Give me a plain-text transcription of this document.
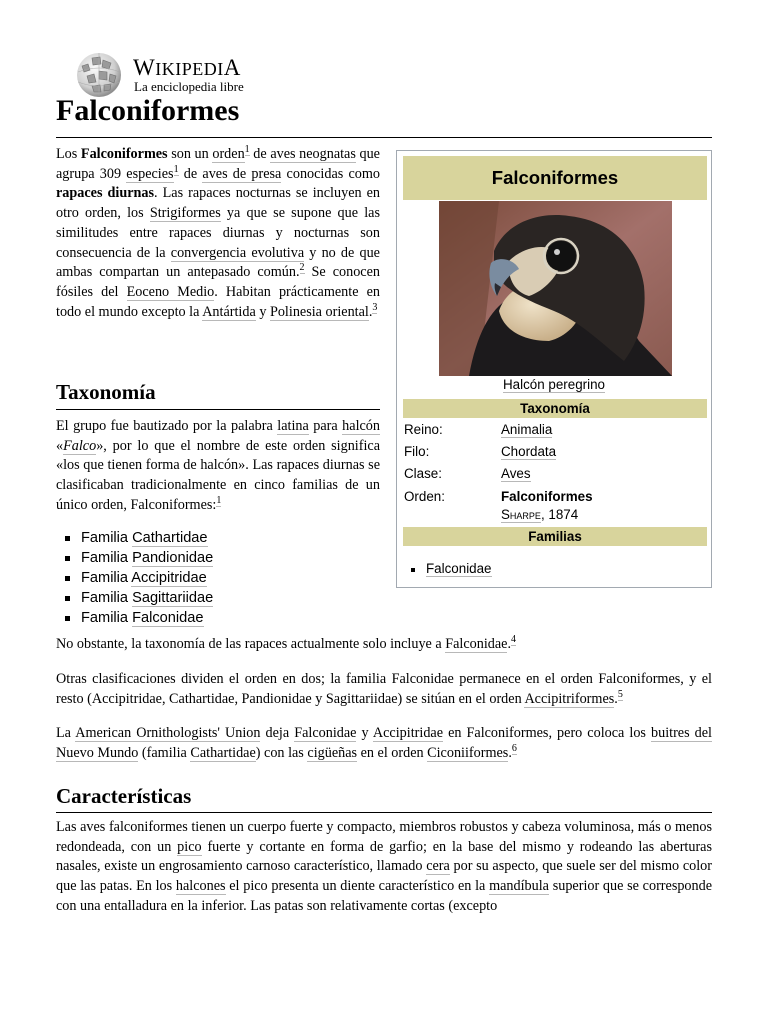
WIKIPEDIA
La enciclopedia libre
Falconiformes
Los Falconiformes son un orden$^1$ de aves neognatas que agrupa 309 especies$^1$ de aves de presa conocidas como rapaces diurnas. Las rapaces nocturnas se incluyen en otro orden, los Strigiformes ya que se supone que las similitudes entre rapaces diurnas y nocturnas son consecuencia de la convergencia evolutiva y no de que ambas compartan un antepasado común.$^2$ Se conocen fósiles del Eoceno Medio. Habitan prácticamente en todo el mundo excepto la Antártida y Polinesia oriental.$^3$
Taxonomía
El grupo fue bautizado por la palabra latina para halcón «Falco», por lo que el nombre de este orden significa «los que tienen forma de halcón». Las rapaces diurnas se clasificaban tradicionalmente en cinco familias de un único orden, Falconiformes:$^1$
Familia Cathartidae
Familia Pandionidae
Familia Accipitridae
Familia Sagittariidae
Familia Falconidae
No obstante, la taxonomía de las rapaces actualmente solo incluye a Falconidae.$^4$
Otras clasificaciones dividen el orden en dos; la familia Falconidae permanece en el orden Falconiformes, y el resto (Accipitridae, Cathartidae, Pandionidae y Sagittariidae) se sitúan en el orden Accipitriformes.$^5$
La American Ornithologists' Union deja Falconidae y Accipitridae en Falconiformes, pero coloca los buitres del Nuevo Mundo (familia Cathartidae) con las cigüeñas en el orden Ciconiiformes.$^6$
Características
Las aves falconiformes tienen un cuerpo fuerte y compacto, miembros robustos y cabeza voluminosa, más o menos redondeada, con un pico fuerte y cortante en forma de garfio; en la base del mismo y rodeando las aberturas nasales, existe un engrosamiento carnoso característico, llamado cera por su aspecto, que suele ser del mismo color que las patas. En los halcones el pico presenta un diente característico en la mandíbula superior que se corresponde con una entalladura en la inferior. Las patas son relativamente cortas (excepto
Falconiformes
Halcón peregrino
Taxonomía
Reino:	Animalia
Filo:	Chordata
Clase:	Aves
Orden:	Falconiformes
Sharpe, 1874
Familias
Falconidae
